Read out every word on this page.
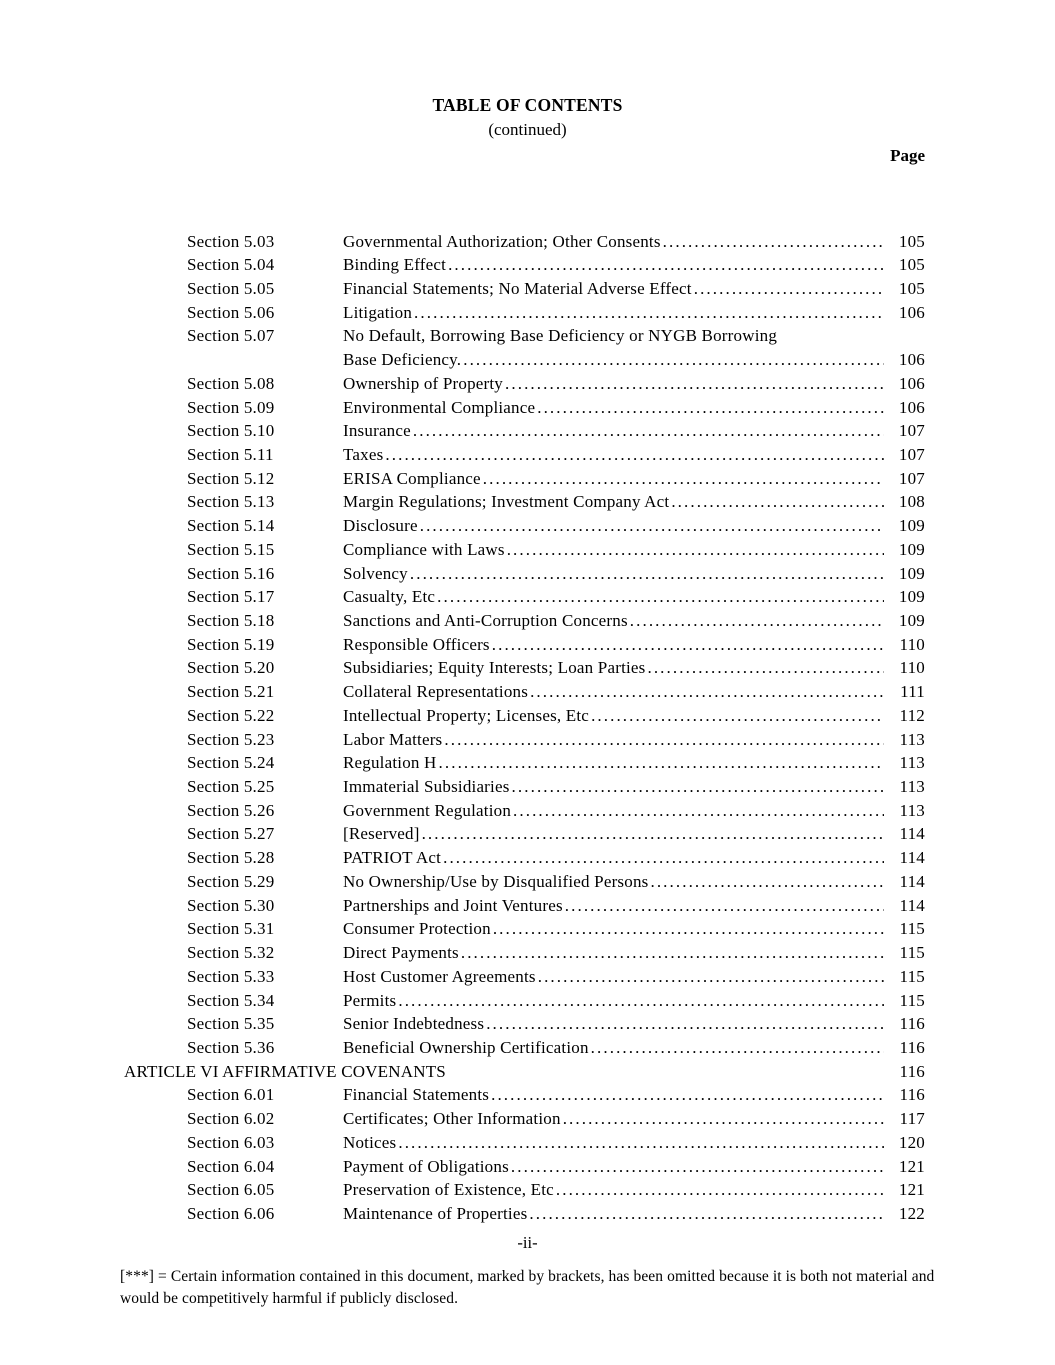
TABLE OF CONTENTS
(continued)
Page
Section 5.03	Governmental Authorization; Other Consents .....	105
Section 5.04	Binding Effect .....	105
Section 5.05	Financial Statements; No Material Adverse Effect .....	105
Section 5.06	Litigation .....	106
Section 5.07	No Default, Borrowing Base Deficiency or NYGB Borrowing
Base Deficiency. .....	106
Section 5.08	Ownership of Property .....	106
Section 5.09	Environmental Compliance .....	106
Section 5.10	Insurance .....	107
Section 5.11	Taxes .....	107
Section 5.12	ERISA Compliance .....	107
Section 5.13	Margin Regulations; Investment Company Act .....	108
Section 5.14	Disclosure .....	109
Section 5.15	Compliance with Laws .....	109
Section 5.16	Solvency .....	109
Section 5.17	Casualty, Etc .....	109
Section 5.18	Sanctions and Anti-Corruption Concerns .....	109
Section 5.19	Responsible Officers .....	110
Section 5.20	Subsidiaries; Equity Interests; Loan Parties .....	110
Section 5.21	Collateral Representations .....	111
Section 5.22	Intellectual Property; Licenses, Etc .....	112
Section 5.23	Labor Matters .....	113
Section 5.24	Regulation H .....	113
Section 5.25	Immaterial Subsidiaries .....	113
Section 5.26	Government Regulation .....	113
Section 5.27	[Reserved] .....	114
Section 5.28	PATRIOT Act .....	114
Section 5.29	No Ownership/Use by Disqualified Persons .....	114
Section 5.30	Partnerships and Joint Ventures .....	114
Section 5.31	Consumer Protection .....	115
Section 5.32	Direct Payments .....	115
Section 5.33	Host Customer Agreements .....	115
Section 5.34	Permits .....	115
Section 5.35	Senior Indebtedness .....	116
Section 5.36	Beneficial Ownership Certification .....	116
ARTICLE VI AFFIRMATIVE COVENANTS	116
Section 6.01	Financial Statements .....	116
Section 6.02	Certificates; Other Information .....	117
Section 6.03	Notices .....	120
Section 6.04	Payment of Obligations .....	121
Section 6.05	Preservation of Existence, Etc .....	121
Section 6.06	Maintenance of Properties .....	122
-ii-
[***] = Certain information contained in this document, marked by brackets, has been omitted because it is both not material and would be competitively harmful if publicly disclosed.
